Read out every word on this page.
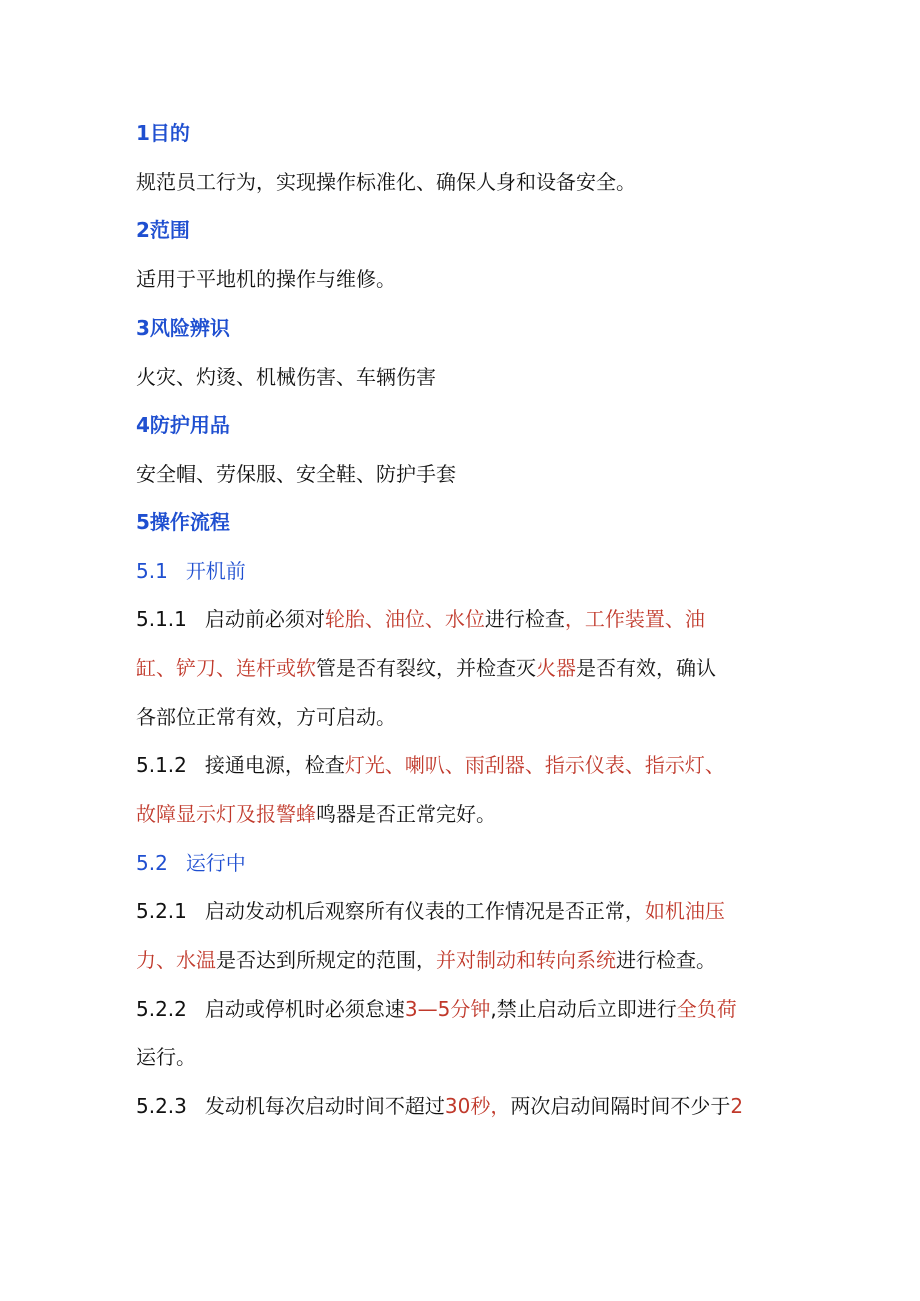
1目的

规范员工行为，实现操作标准化、确保人身和设备安全。

2范围

适用于平地机的操作与维修。

3风险辨识

火灾、灼烫、机械伤害、车辆伤害

4防护用品

安全帽、劳保服、安全鞋、防护手套

5操作流程

5.1 开机前

5.1.1 启动前必须对轮胎、油位、水位进行检查，工作装置、油

缸、铲刀、连杆或软管是否有裂纹，并检查灭火器是否有效，确认

各部位正常有效，方可启动。

5.1.2 接通电源，检查灯光、喇叭、雨刮器、指示仪表、指示灯、

故障显示灯及报警蜂鸣器是否正常完好。

5.2 运行中

5.2.1 启动发动机后观察所有仪表的工作情况是否正常，如机油压

力、水温是否达到所规定的范围，并对制动和转向系统进行检查。

5.2.2 启动或停机时必须怠速3—5分钟,禁止启动后立即进行全负荷

运行。

5.2.3 发动机每次启动时间不超过30秒，两次启动间隔时间不少于2
